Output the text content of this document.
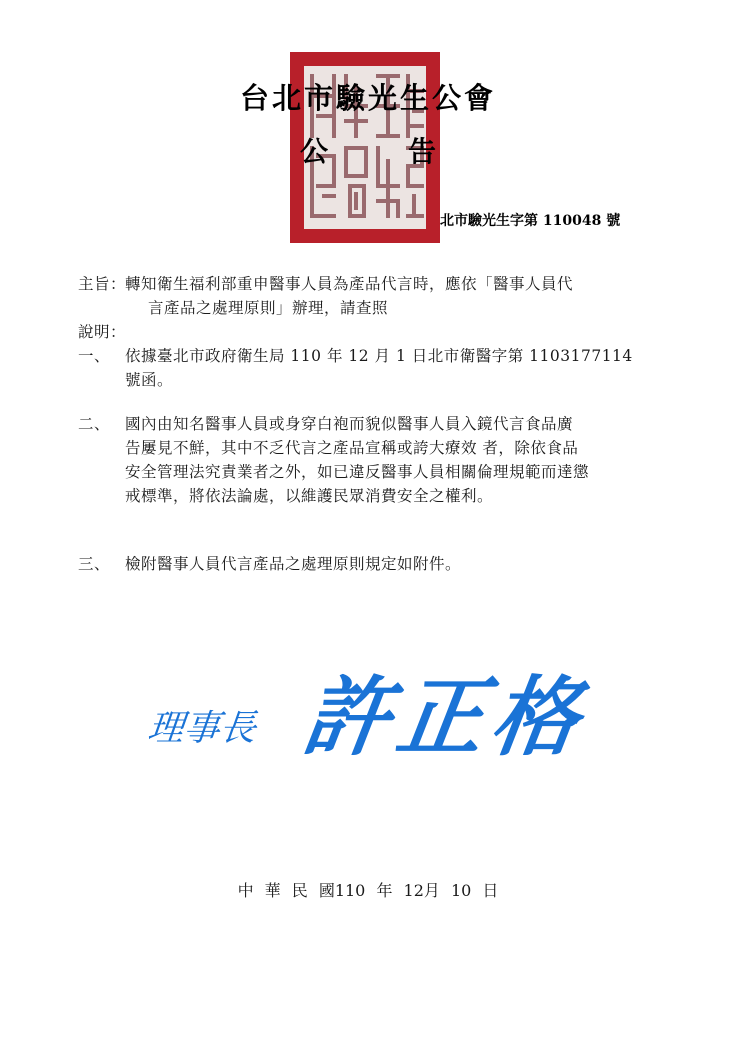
台北市驗光生公會
公告
北市驗光生字第 110048 號
主旨：
轉知衛生福利部重申醫事人員為產品代言時，應依「醫事人員代
言產品之處理原則」辦理，請查照
說明：
一、 依據臺北市政府衛生局 110 年 12 月 1 日北市衛醫字第 1103177114
號函。
二、 國內由知名醫事人員或身穿白袍而貌似醫事人員入鏡代言食品廣
告屢見不鮮，其中不乏代言之產品宣稱或誇大療效 者，除依食品
安全管理法究責業者之外，如已違反醫事人員相關倫理規範而達懲
戒標準，將依法論處，以維護民眾消費安全之權利。
三、 檢附醫事人員代言產品之處理原則規定如附件。
理事長 許正格
中 華 民 國110 年 12月 10 日
